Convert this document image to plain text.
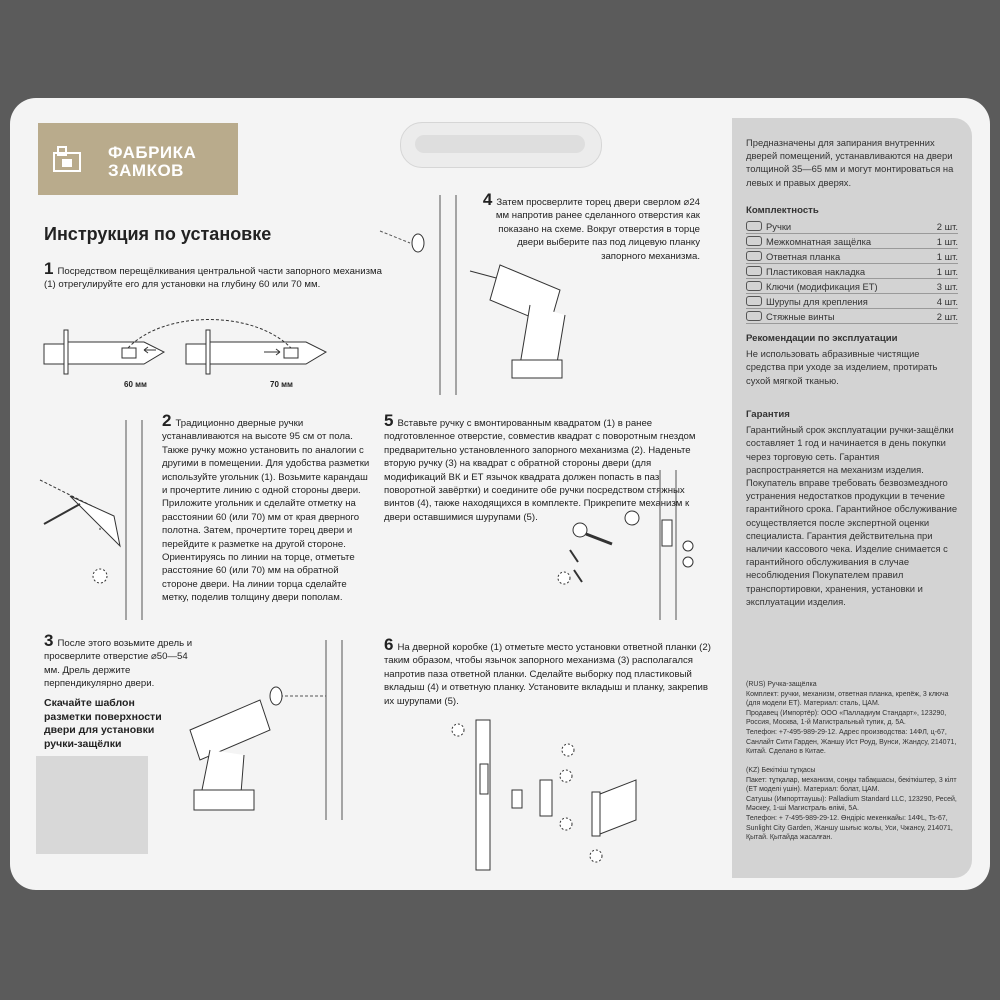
ФАБРИКА
ЗАМКОВ
Инструкция по установке
1 Посредством перещёлкивания центральной части запорного механизма (1) отрегулируйте его для установки на глубину 60 или 70 мм.
60 мм	70 мм
4 Затем просверлите торец двери сверлом ⌀24 мм напротив ранее сделанного отверстия как показано на схеме. Вокруг отверстия в торце двери выберите паз под лицевую планку запорного механизма.
2 Традиционно дверные ручки устанавливаются на высоте 95 см от пола. Также ручку можно установить по аналогии с другими в помещении. Для удобства разметки используйте угольник (1). Возьмите карандаш и прочертите линию с одной стороны двери. Приложите угольник и сделайте отметку на расстоянии 60 (или 70) мм от края дверного полотна. Затем, прочертите торец двери и перейдите к разметке на другой стороне. Ориентируясь по линии на торце, отметьте расстояние 60 (или 70) мм на обратной стороне двери. На линии торца сделайте метку, поделив толщину двери пополам.
5 Вставьте ручку с вмонтированным квадратом (1) в ранее подготовленное отверстие, совместив квадрат с поворотным гнездом предварительно установленного запорного механизма (2). Наденьте вторую ручку (3) на квадрат с обратной стороны двери (для модификаций ВК и ЕТ язычок квадрата должен попасть в паз поворотной завёртки) и соедините обе ручки посредством стяжных винтов (4), также находящихся в комплекте. Прикрепите механизм к двери оставшимися шурупами (5).
3 После этого возьмите дрель и просверлите отверстие ⌀50—54 мм. Дрель держите перпендикулярно двери.
Скачайте шаблон разметки поверхности двери для установки ручки-защёлки
6 На дверной коробке (1) отметьте место установки ответной планки (2) таким образом, чтобы язычок запорного механизма (3) располагался напротив паза ответной планки. Сделайте выборку под пластиковый вкладыш (4) и ответную планку. Установите вкладыш и планку, закрепив их шурупами (5).
Предназначены для запирания внутренних дверей помещений, устанавливаются на двери толщиной 35—65 мм и могут монтироваться на левых и правых дверях.
Комплектность
Ручки	2 шт.
Межкомнатная защёлка	1 шт.
Ответная планка	1 шт.
Пластиковая накладка	1 шт.
Ключи (модификация ET)	3 шт.
Шурупы для крепления	4 шт.
Стяжные винты	2 шт.
Рекомендации по эксплуатации
Не использовать абразивные чистящие средства при уходе за изделием, протирать сухой мягкой тканью.
Гарантия
Гарантийный срок эксплуатации ручки-защёлки составляет 1 год и начинается в день покупки через торговую сеть. Гарантия распространяется на механизм изделия. Покупатель вправе требовать безвозмездного устранения недостатков продукции в течение гарантийного срока. Гарантийное обслуживание осуществляется после экспертной оценки специалиста. Гарантия действительна при наличии кассового чека. Изделие снимается с гарантийного обслуживания в случае несоблюдения Покупателем правил транспортировки, хранения, установки и эксплуатации изделия.
(RUS) Ручка-защёлка
Комплект: ручки, механизм, ответная планка, крепёж, 3 ключа (для модели ET). Материал: сталь, ЦАМ.
Продавец (Импортёр): ООО «Палладиум Стандарт», 123290, Россия, Москва, 1-й Магистральный тупик, д. 5А.
Телефон: +7-495-989-29-12. Адрес производства: 14ФЛ, ц-67, Санлайт Сити Гарден, Жаншу Ист Роуд, Вунси, Жандсу, 214071, Китай. Сделано в Китае.
(KZ) Бекіткіш тұтқасы
Пакет: тұтқалар, механизм, соңқы табақшасы, бекіткіштер, 3 кілт (ET моделі үшін). Материал: болат, ЦАМ.
Сатушы (Импорттаушы): Palladium Standard LLC, 123290, Ресей, Мәскеу, 1-ші Магистраль өлімі, 5А.
Телефон: + 7-495-989-29-12. Өндіріс мекенжайы: 14ФL, Ts-67, Sunlight City Garden, Жаншу шығыс жолы, Уси, Чжансу, 214071, Қытай. Қытайда жасалған.
